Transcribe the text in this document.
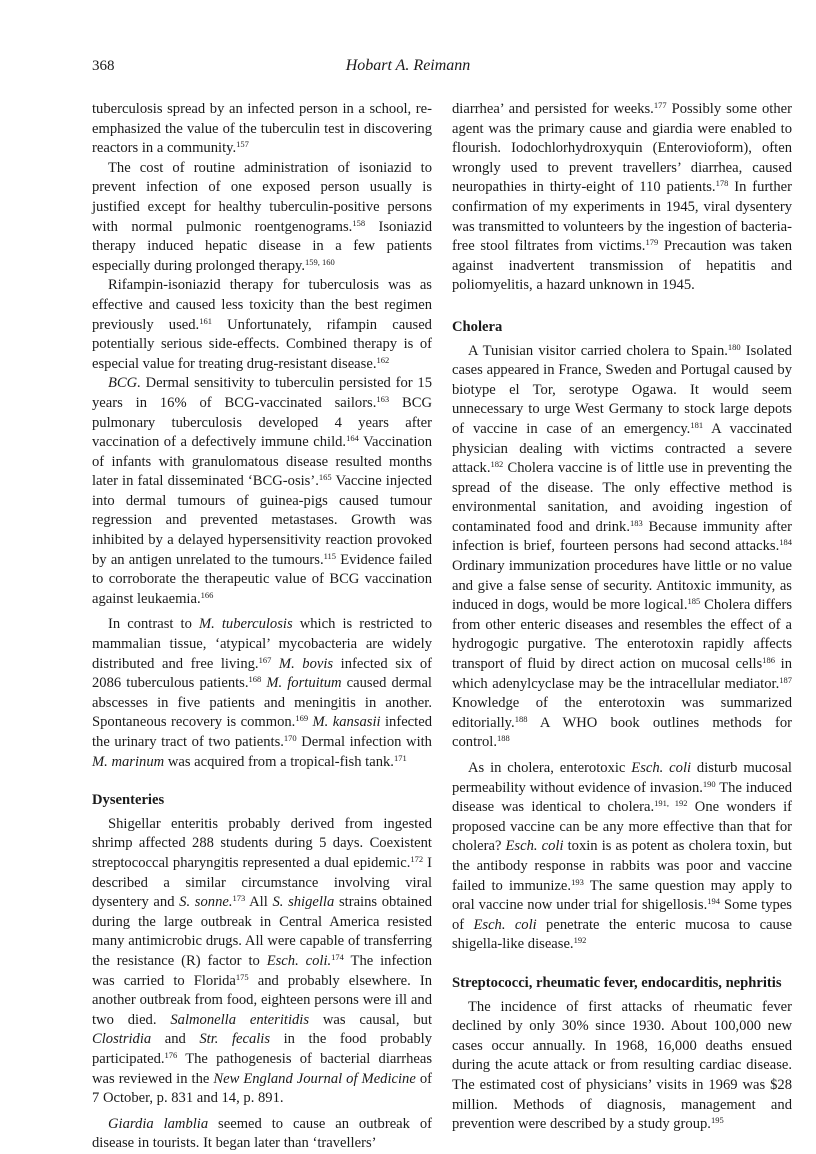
368	Hobart A. Reimann

tuberculosis spread by an infected person in a school, re-emphasized the value of the tuberculin test in discovering reactors in a community.$^{157}$

The cost of routine administration of isoniazid to prevent infection of one exposed person usually is justified except for healthy tuberculin-positive persons with normal pulmonic roentgenograms.$^{158}$ Isoniazid therapy induced hepatic disease in a few patients especially during prolonged therapy.$^{159, 160}$

Rifampin-isoniazid therapy for tuberculosis was as effective and caused less toxicity than the best regimen previously used.$^{161}$ Unfortunately, rifampin caused potentially serious side-effects. Combined therapy is of especial value for treating drug-resistant disease.$^{162}$

BCG. Dermal sensitivity to tuberculin persisted for 15 years in 16% of BCG-vaccinated sailors.$^{163}$ BCG pulmonary tuberculosis developed 4 years after vaccination of a defectively immune child.$^{164}$ Vaccination of infants with granulomatous disease resulted months later in fatal disseminated ‘BCG-osis’.$^{165}$ Vaccine injected into dermal tumours of guinea-pigs caused tumour regression and prevented metastases. Growth was inhibited by a delayed hypersensitivity reaction provoked by an antigen unrelated to the tumours.$^{115}$ Evidence failed to corroborate the therapeutic value of BCG vaccination against leukaemia.$^{166}$

In contrast to M. tuberculosis which is restricted to mammalian tissue, ‘atypical’ mycobacteria are widely distributed and free living.$^{167}$ M. bovis infected six of 2086 tuberculous patients.$^{168}$ M. fortuitum caused dermal abscesses in five patients and meningitis in another. Spontaneous recovery is common.$^{169}$ M. kansasii infected the urinary tract of two patients.$^{170}$ Dermal infection with M. marinum was acquired from a tropical-fish tank.$^{171}$

Dysenteries

Shigellar enteritis probably derived from ingested shrimp affected 288 students during 5 days. Coexistent streptococcal pharyngitis represented a dual epidemic.$^{172}$ I described a similar circumstance involving viral dysentery and S. sonne.$^{173}$ All S. shigella strains obtained during the large outbreak in Central America resisted many antimicrobic drugs. All were capable of transferring the resistance (R) factor to Esch. coli.$^{174}$ The infection was carried to Florida$^{175}$ and probably elsewhere. In another outbreak from food, eighteen persons were ill and two died. Salmonella enteritidis was causal, but Clostridia and Str. fecalis in the food probably participated.$^{176}$ The pathogenesis of bacterial diarrheas was reviewed in the New England Journal of Medicine of 7 October, p. 831 and 14, p. 891.

Giardia lamblia seemed to cause an outbreak of disease in tourists. It began later than ‘travellers’

diarrhea’ and persisted for weeks.$^{177}$ Possibly some other agent was the primary cause and giardia were enabled to flourish. Iodochlorhydroxyquin (Enterovioform), often wrongly used to prevent travellers’ diarrhea, caused neuropathies in thirty-eight of 110 patients.$^{178}$ In further confirmation of my experiments in 1945, viral dysentery was transmitted to volunteers by the ingestion of bacteria-free stool filtrates from victims.$^{179}$ Precaution was taken against inadvertent transmission of hepatitis and poliomyelitis, a hazard unknown in 1945.

Cholera

A Tunisian visitor carried cholera to Spain.$^{180}$ Isolated cases appeared in France, Sweden and Portugal caused by biotype el Tor, serotype Ogawa. It would seem unnecessary to urge West Germany to stock large depots of vaccine in case of an emergency.$^{181}$ A vaccinated physician dealing with victims contracted a severe attack.$^{182}$ Cholera vaccine is of little use in preventing the spread of the disease. The only effective method is environmental sanitation, and avoiding ingestion of contaminated food and drink.$^{183}$ Because immunity after infection is brief, fourteen persons had second attacks.$^{184}$ Ordinary immunization procedures have little or no value and give a false sense of security. Antitoxic immunity, as induced in dogs, would be more logical.$^{185}$ Cholera differs from other enteric diseases and resembles the effect of a hydrogogic purgative. The enterotoxin rapidly affects transport of fluid by direct action on mucosal cells$^{186}$ in which adenylcyclase may be the intracellular mediator.$^{187}$ Knowledge of the enterotoxin was summarized editorially.$^{188}$ A WHO book outlines methods for control.$^{188}$

As in cholera, enterotoxic Esch. coli disturb mucosal permeability without evidence of invasion.$^{190}$ The induced disease was identical to cholera.$^{191, 192}$ One wonders if proposed vaccine can be any more effective than that for cholera? Esch. coli toxin is as potent as cholera toxin, but the antibody response in rabbits was poor and vaccine failed to immunize.$^{193}$ The same question may apply to oral vaccine now under trial for shigellosis.$^{194}$ Some types of Esch. coli penetrate the enteric mucosa to cause shigella-like disease.$^{192}$

Streptococci, rheumatic fever, endocarditis, nephritis

The incidence of first attacks of rheumatic fever declined by only 30% since 1930. About 100,000 new cases occur annually. In 1968, 16,000 deaths ensued during the acute attack or from resulting cardiac disease. The estimated cost of physicians’ visits in 1969 was $28 million. Methods of diagnosis, management and prevention were described by a study group.$^{195}$
